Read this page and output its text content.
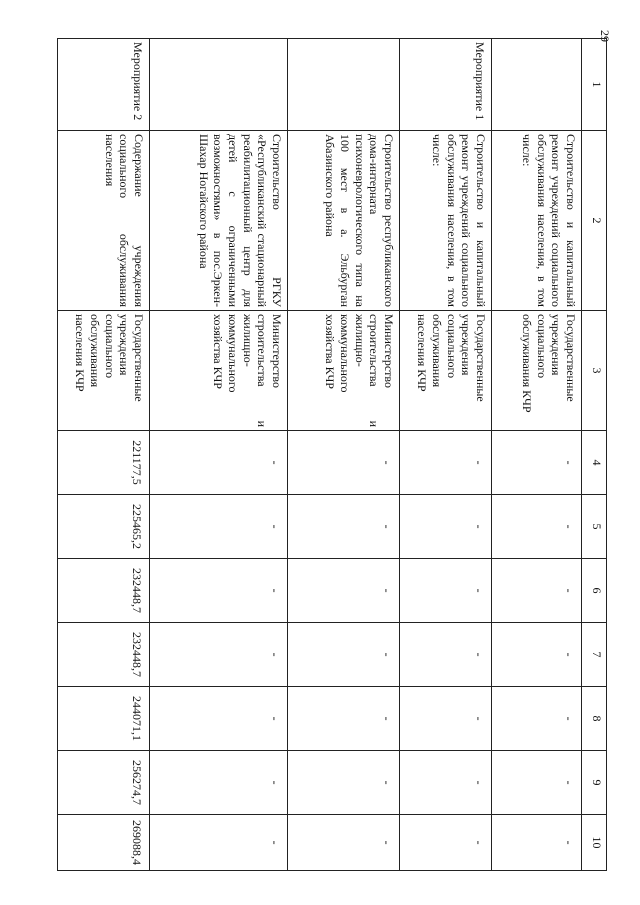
29
1	2	3	4	5	6	7	8	9	10
	Строительство и капитальный ремонт учреждений социального обслуживания населения, в том числе:	Государственные учреждения социального обслуживания КЧР	-	-	-	-	-	-	-
Мероприятие 1	Строительство и капитальный ремонт учреждений социального обслуживания населения, в том числе:	Государственные учреждения социального обслуживания населения КЧР	-	-	-	-	-	-	-
	Строительство республиканского дома-интерната психоневрологического типа на 100 мест в а. Эльбурган Абазинского района	Министерство строительства и жилищно-коммунального хозяйства КЧР	-	-	-	-	-	-	-
	Строительство РГКУ «Республиканский стационарный реабилитационный центр для детей с ограниченными возможностями» в пос.Эркен-Шахар Ногайского района	Министерство строительства и жилищно-коммунального хозяйства КЧР	-	-	-	-	-	-	-
Мероприятие 2	Содержание учреждения социального обслуживания населения	Государственные учреждения социального обслуживания населения КЧР	221177,5	225465,2	232448,7	232448,7	244071,1	256274,7	269088,4
